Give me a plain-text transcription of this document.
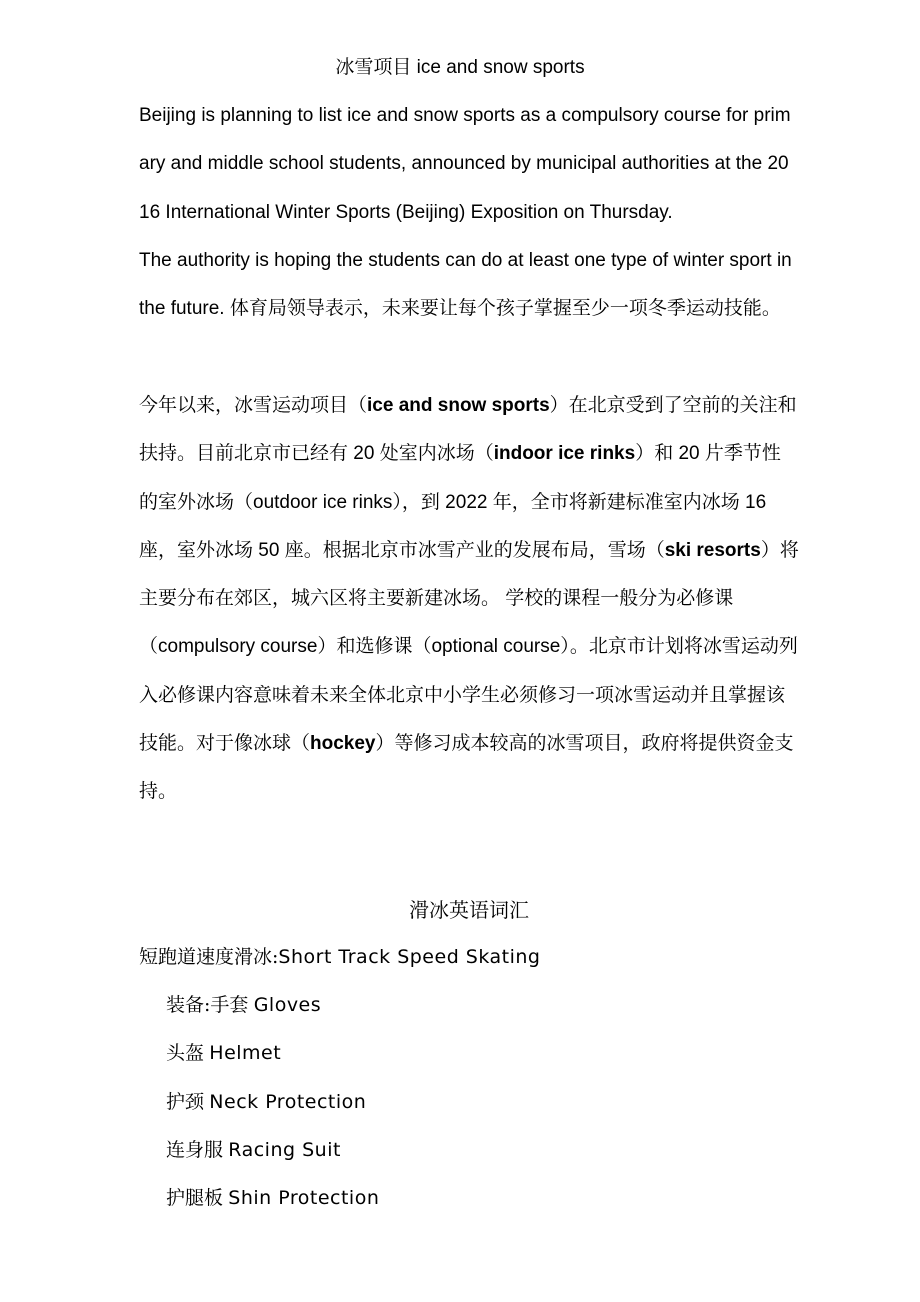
冰雪项目 ice and snow sports

Beijing is planning to list ice and snow sports as a compulsory course for primary and middle school students, announced by municipal authorities at the 2016 International Winter Sports (Beijing) Exposition on Thursday.

The authority is hoping the students can do at least one type of winter sport in the future. 体育局领导表示，未来要让每个孩子掌握至少一项冬季运动技能。

今年以来，冰雪运动项目（ice and snow sports）在北京受到了空前的关注和扶持。目前北京市已经有 20 处室内冰场（indoor ice rinks）和 20 片季节性的室外冰场（outdoor ice rinks），到 2022 年，全市将新建标准室内冰场 16 座，室外冰场 50 座。根据北京市冰雪产业的发展布局，雪场（ski resorts）将主要分布在郊区，城六区将主要新建冰场。 学校的课程一般分为必修课（compulsory course）和选修课（optional course）。北京市计划将冰雪运动列入必修课内容意味着未来全体北京中小学生必须修习一项冰雪运动并且掌握该技能。对于像冰球（hockey）等修习成本较高的冰雪项目，政府将提供资金支持。

滑冰英语词汇
短跑道速度滑冰:Short Track Speed Skating
装备:手套 Gloves
头盔 Helmet
护颈 Neck Protection
连身服 Racing Suit
护腿板 Shin Protection
